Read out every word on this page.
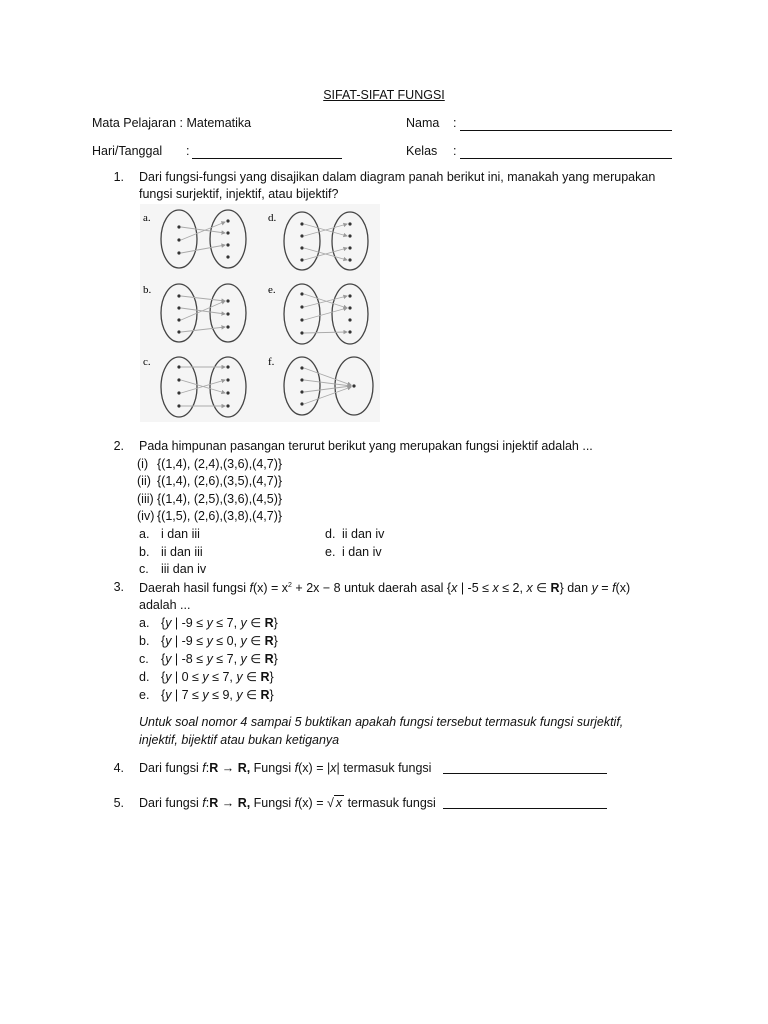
SIFAT-SIFAT FUNGSI
Mata Pelajaran : Matematika	Nama :
Hari/Tanggal :	Kelas :
1. Dari fungsi-fungsi yang disajikan dalam diagram panah berikut ini, manakah yang merupakan
fungsi surjektif, injektif, atau bijektif?
a.
b.
c.
d.
e.
f.
2. Pada himpunan pasangan terurut berikut yang merupakan fungsi injektif adalah ...
(i) {(1,4), (2,4),(3,6),(4,7)}
(ii) {(1,4), (2,6),(3,5),(4,7)}
(iii) {(1,4), (2,5),(3,6),(4,5)}
(iv) {(1,5), (2,6),(3,8),(4,7)}
a. i dan iii
b. ii dan iii
c. iii dan iv
d. ii dan iv
e. i dan iv
3. Daerah hasil fungsi $f(x) = x^2 + 2x - 8$ untuk daerah asal {x | -5 ≤ x ≤ 2, x ∈ R} dan y = f(x)
adalah ...
a. {y | -9 ≤ y ≤ 7, y ∈ R}
b. {y | -9 ≤ y ≤ 0, y ∈ R}
c. {y | -8 ≤ y ≤ 7, y ∈ R}
d. {y | 0 ≤ y ≤ 7, y ∈ R}
e. {y | 7 ≤ y ≤ 9, y ∈ R}
Untuk soal nomor 4 sampai 5 buktikan apakah fungsi tersebut termasuk fungsi surjektif,
injektif, bijektif atau bukan ketiganya
4. Dari fungsi f:R → R, Fungsi f(x) = |x| termasuk fungsi
5. Dari fungsi f:R → R, Fungsi f(x) = √ x termasuk fungsi
